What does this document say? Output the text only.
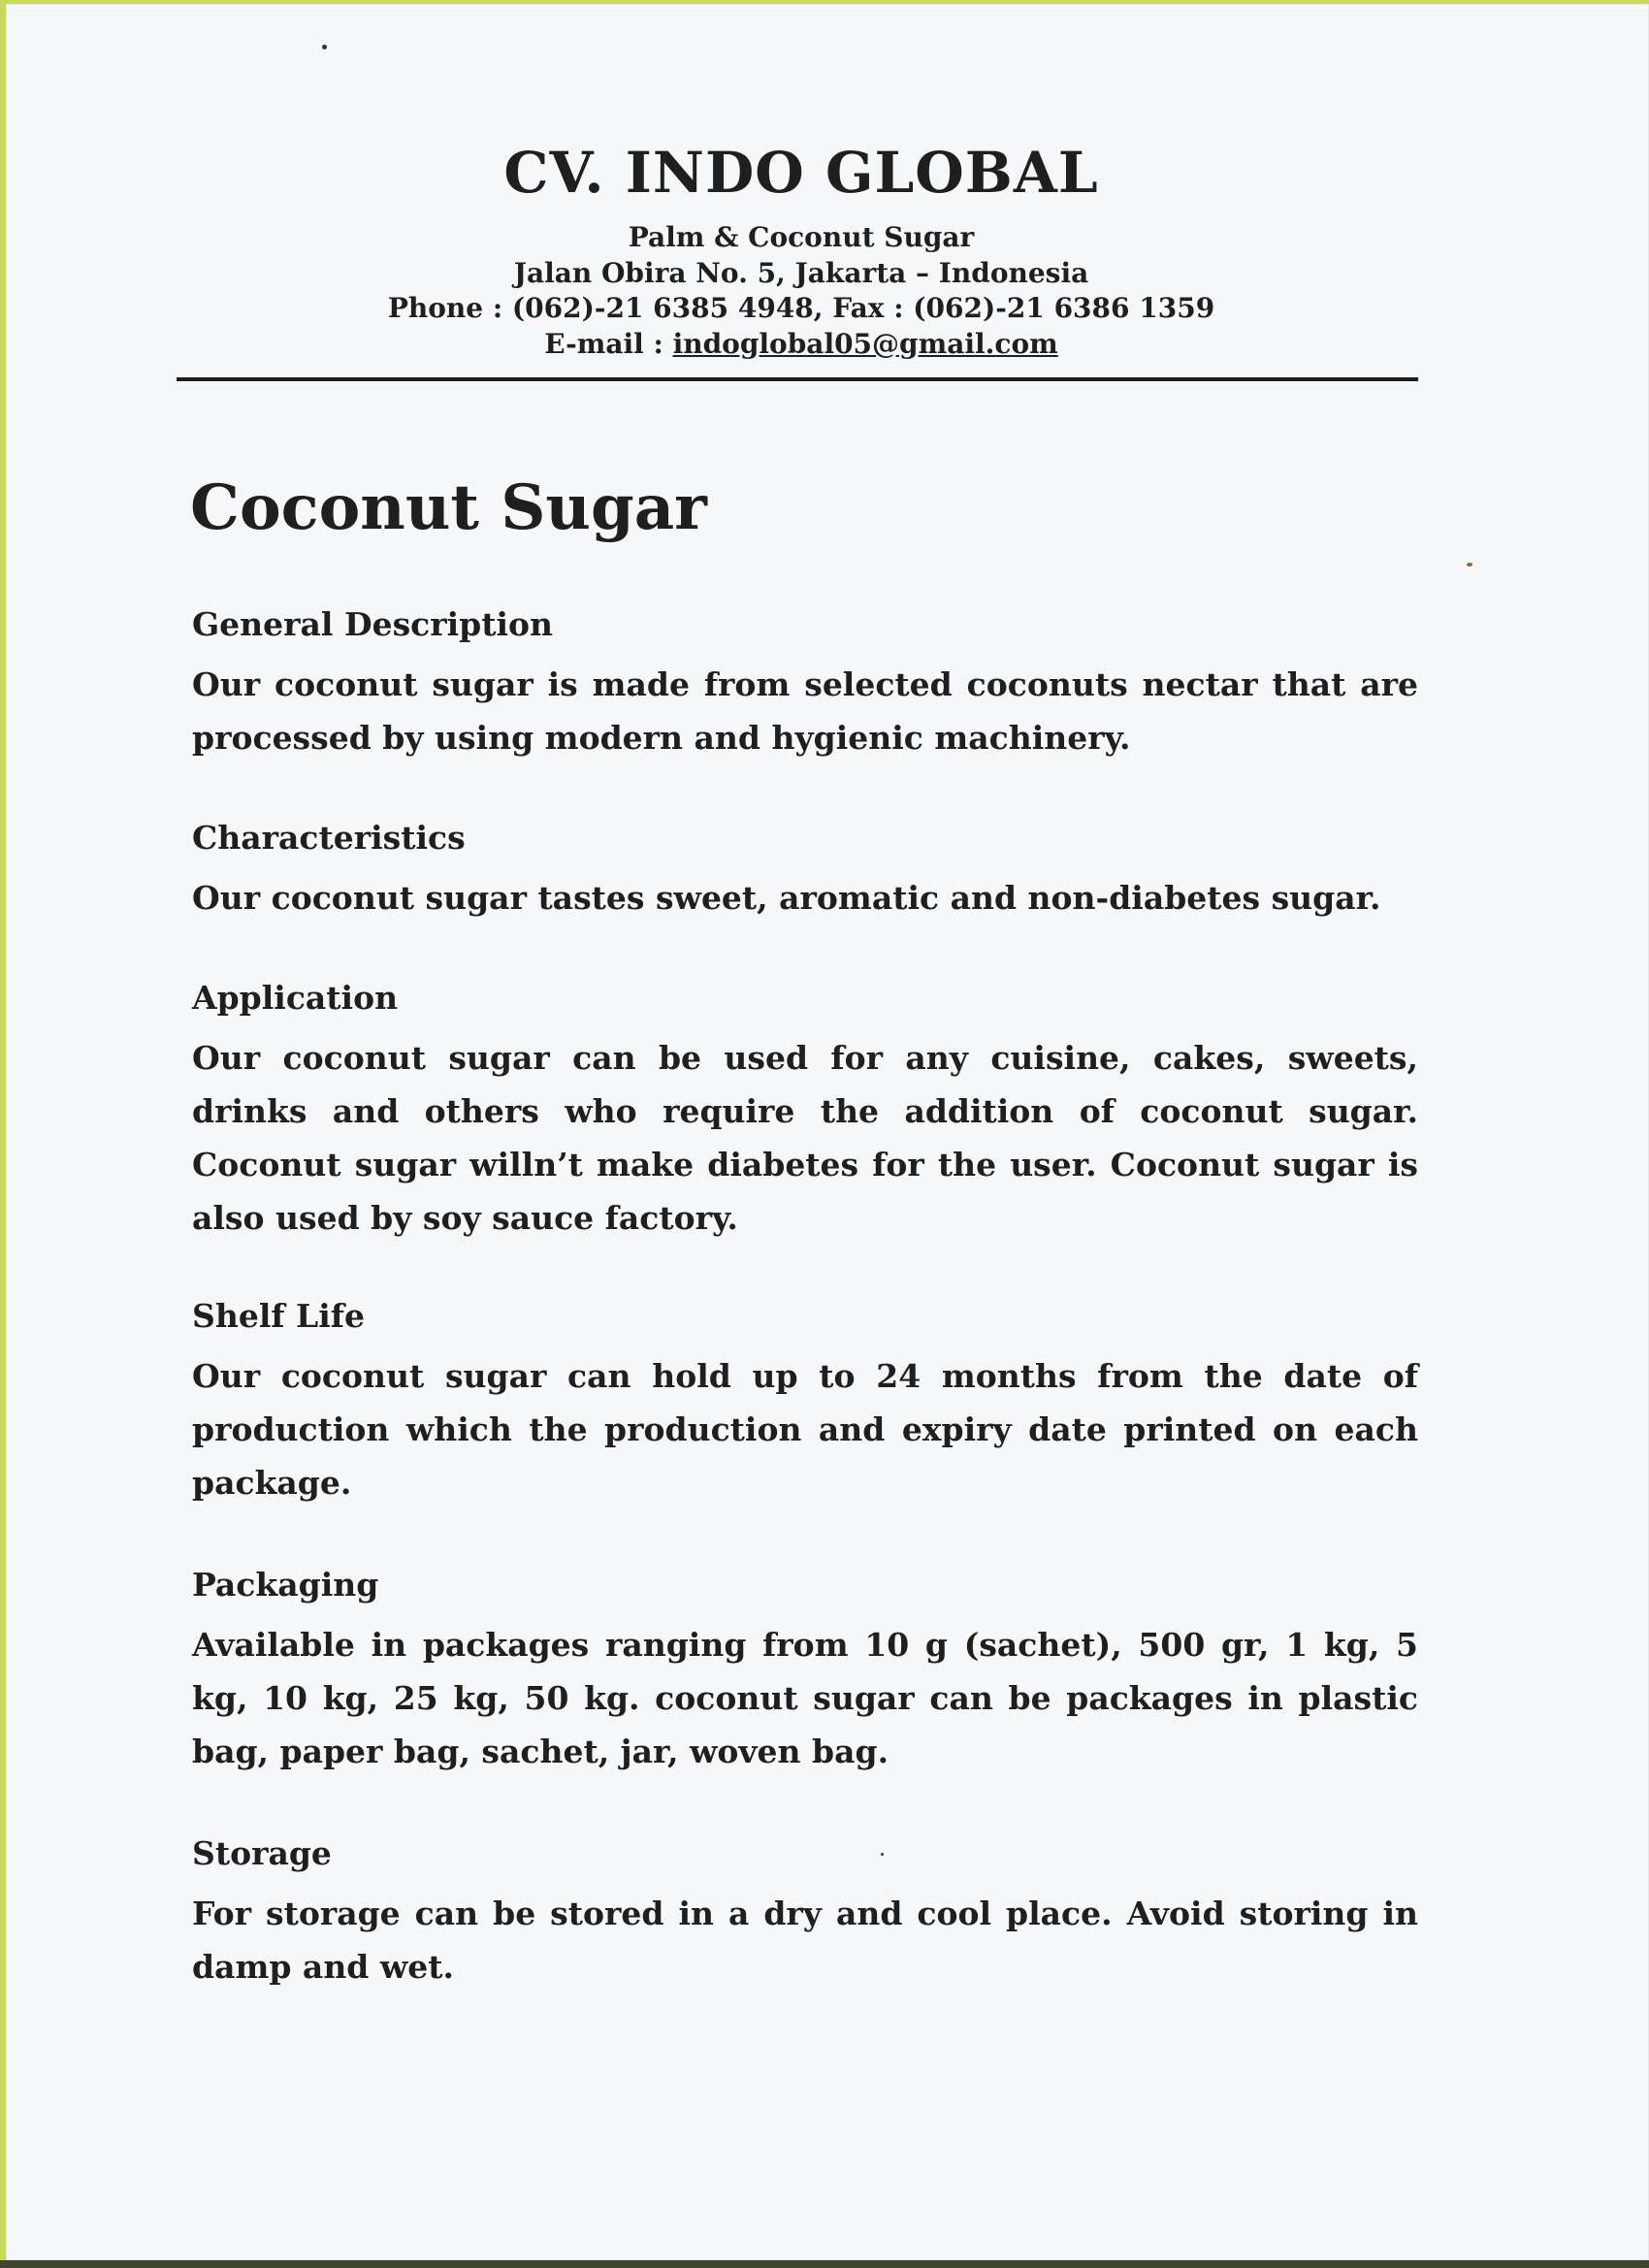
CV. INDO GLOBAL
Palm & Coconut Sugar
Jalan Obira No. 5, Jakarta – Indonesia
Phone : (062)-21 6385 4948, Fax : (062)-21 6386 1359
E-mail : indoglobal05@gmail.com
Coconut Sugar

General Description

Our coconut sugar is made from selected coconuts nectar that are processed by using modern and hygienic machinery.

Characteristics

Our coconut sugar tastes sweet, aromatic and non-diabetes sugar.

Application

Our coconut sugar can be used for any cuisine, cakes, sweets, drinks and others who require the addition of coconut sugar. Coconut sugar willn’t make diabetes for the user. Coconut sugar is also used by soy sauce factory.

Shelf Life

Our coconut sugar can hold up to 24 months from the date of production which the production and expiry date printed on each package.

Packaging

Available in packages ranging from 10 g (sachet), 500 gr, 1 kg, 5 kg, 10 kg, 25 kg, 50 kg. coconut sugar can be packages in plastic bag, paper bag, sachet, jar, woven bag.

Storage

For storage can be stored in a dry and cool place. Avoid storing in damp and wet.
